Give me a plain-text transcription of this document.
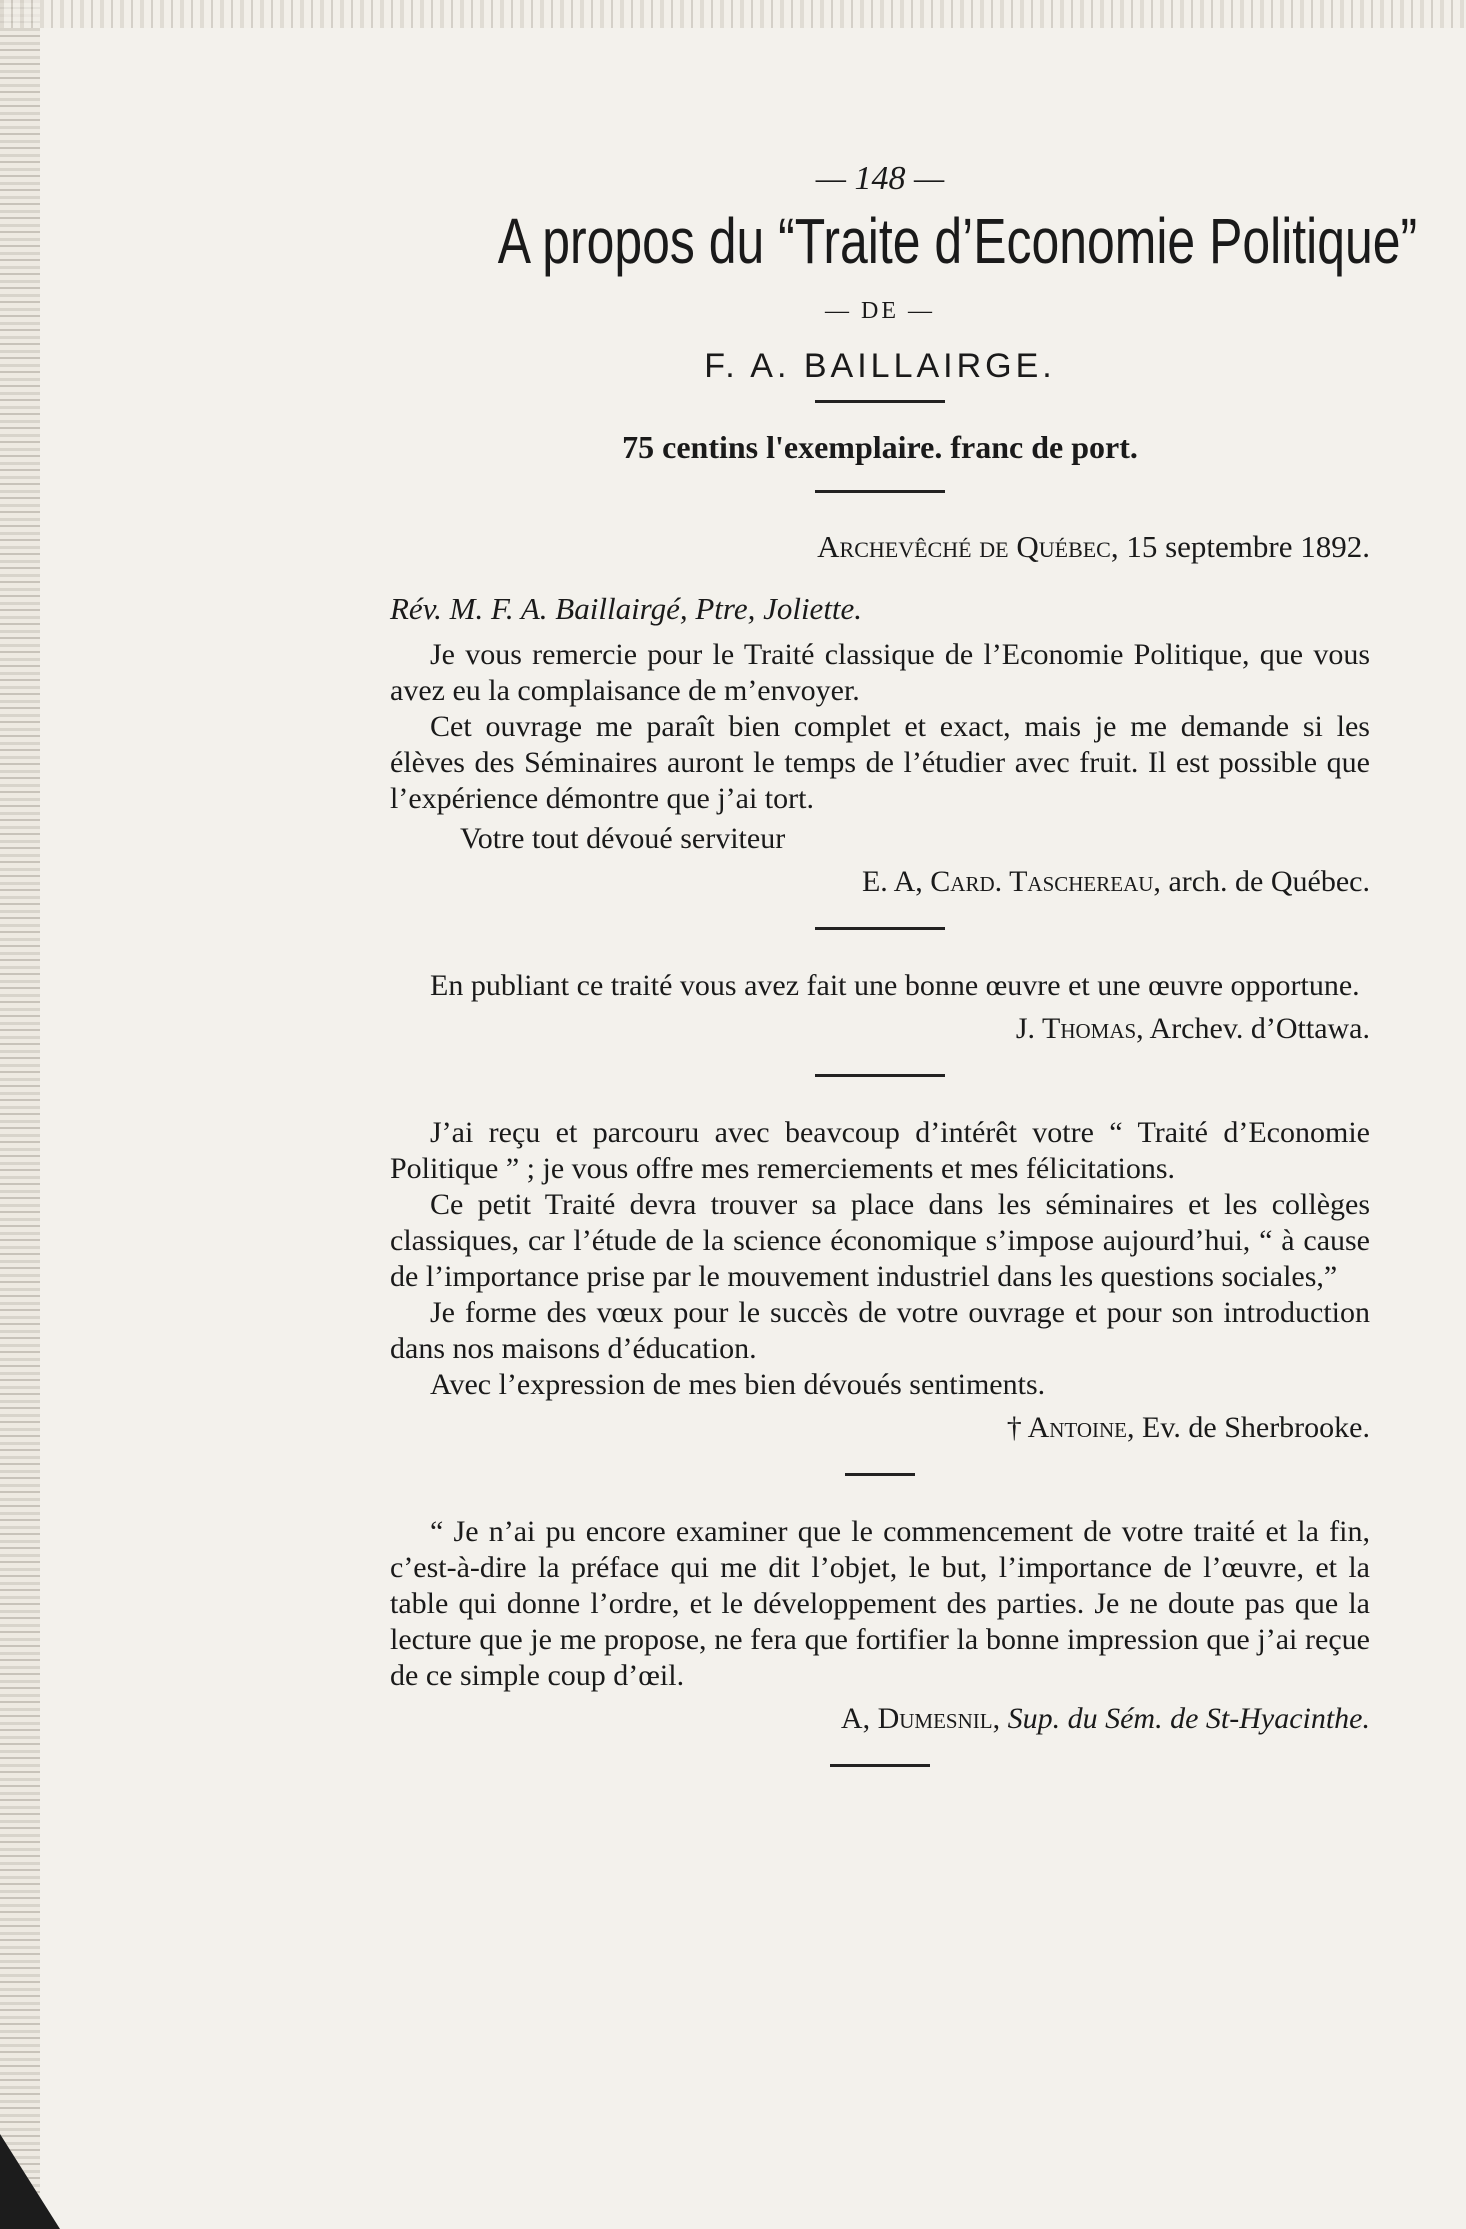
— 148 —
A propos du “Traite d’Economie Politique”
— DE —
F. A. BAILLAIRGE.
75 centins l'exemplaire. franc de port.
Archevêché de Québec, 15 septembre 1892.
Rév. M. F. A. Baillairgé, Ptre, Joliette.

Je vous remercie pour le Traité classique de l’Economie Politique, que vous avez eu la complaisance de m’envoyer.

Cet ouvrage me paraît bien complet et exact, mais je me demande si les élèves des Séminaires auront le temps de l’étudier avec fruit. Il est possible que l’expérience démontre que j’ai tort.

Votre tout dévoué serviteur
E. A, Card. Taschereau, arch. de Québec.

En publiant ce traité vous avez fait une bonne œuvre et une œuvre opportune.

J. Thomas, Archev. d’Ottawa.

J’ai reçu et parcouru avec beavcoup d’intérêt votre “ Traité d’Economie Politique ” ; je vous offre mes remerciements et mes félicitations.

Ce petit Traité devra trouver sa place dans les séminaires et les collèges classiques, car l’étude de la science économique s’impose aujourd’hui, “ à cause de l’importance prise par le mouvement industriel dans les questions sociales,”

Je forme des vœux pour le succès de votre ouvrage et pour son introduction dans nos maisons d’éducation.

Avec l’expression de mes bien dévoués sentiments.

† Antoine, Ev. de Sherbrooke.

“ Je n’ai pu encore examiner que le commencement de votre traité et la fin, c’est-à-dire la préface qui me dit l’objet, le but, l’importance de l’œuvre, et la table qui donne l’ordre, et le développement des parties. Je ne doute pas que la lecture que je me propose, ne fera que fortifier la bonne impression que j’ai reçue de ce simple coup d’œil.

A, Dumesnil, Sup. du Sém. de St-Hyacinthe.
